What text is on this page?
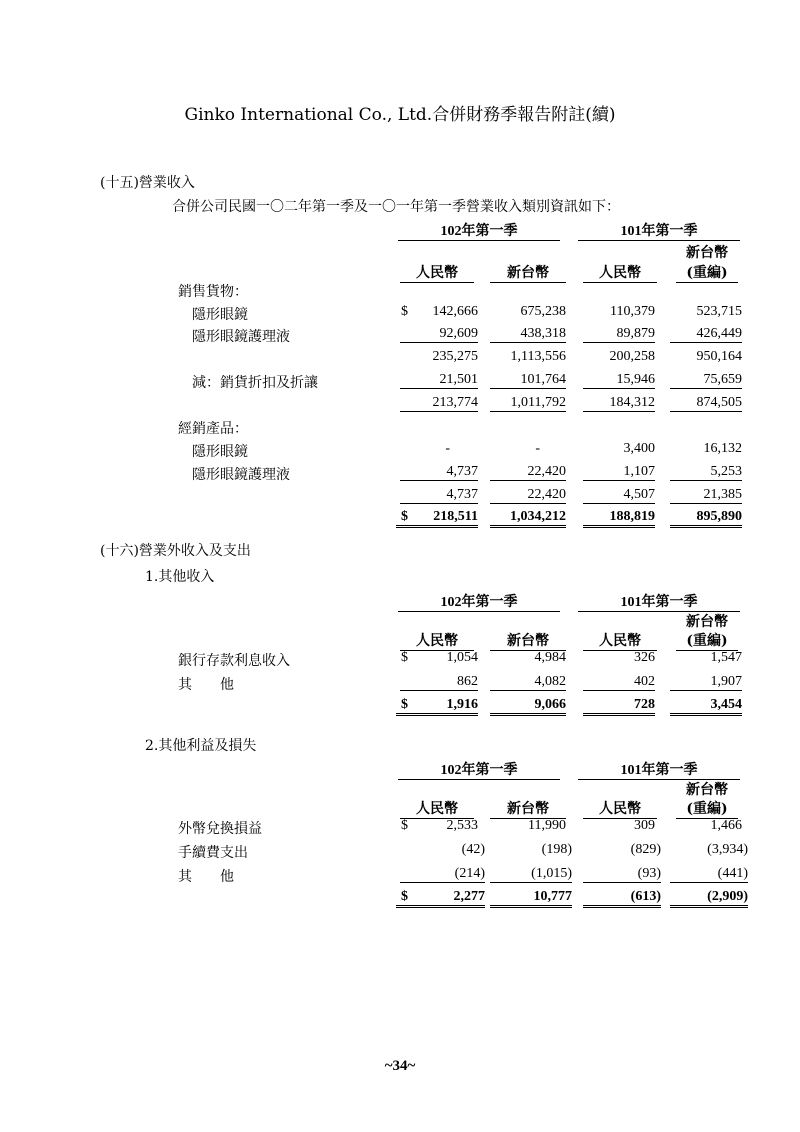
Ginko International Co., Ltd.合併財務季報告附註(續)
(十五)營業收入
合併公司民國一〇二年第一季及一〇一年第一季營業收入類別資訊如下：
102年第一季	101年第一季
新台幣
人民幣	新台幣	人民幣	(重編)
銷售貨物：
隱形眼鏡	$	142,666	675,238	110,379	523,715
隱形眼鏡護理液	92,609	438,318	89,879	426,449
235,275	1,113,556	200,258	950,164
減：銷貨折扣及折讓	21,501	101,764	15,946	75,659
213,774	1,011,792	184,312	874,505
經銷產品：
隱形眼鏡	-	-	3,400	16,132
隱形眼鏡護理液	4,737	22,420	1,107	5,253
4,737	22,420	4,507	21,385
$	218,511	1,034,212	188,819	895,890
(十六)營業外收入及支出
1.其他收入
102年第一季	101年第一季
新台幣
人民幣	新台幣	人民幣	(重編)
銀行存款利息收入	$	1,054	4,984	326	1,547
其　　他	862	4,082	402	1,907
$	1,916	9,066	728	3,454
2.其他利益及損失
102年第一季	101年第一季
新台幣
人民幣	新台幣	人民幣	(重編)
外幣兌換損益	$	2,533	11,990	309	1,466
手續費支出	(42)	(198)	(829)	(3,934)
其　　他	(214)	(1,015)	(93)	(441)
$	2,277	10,777	(613)	(2,909)
~34~
